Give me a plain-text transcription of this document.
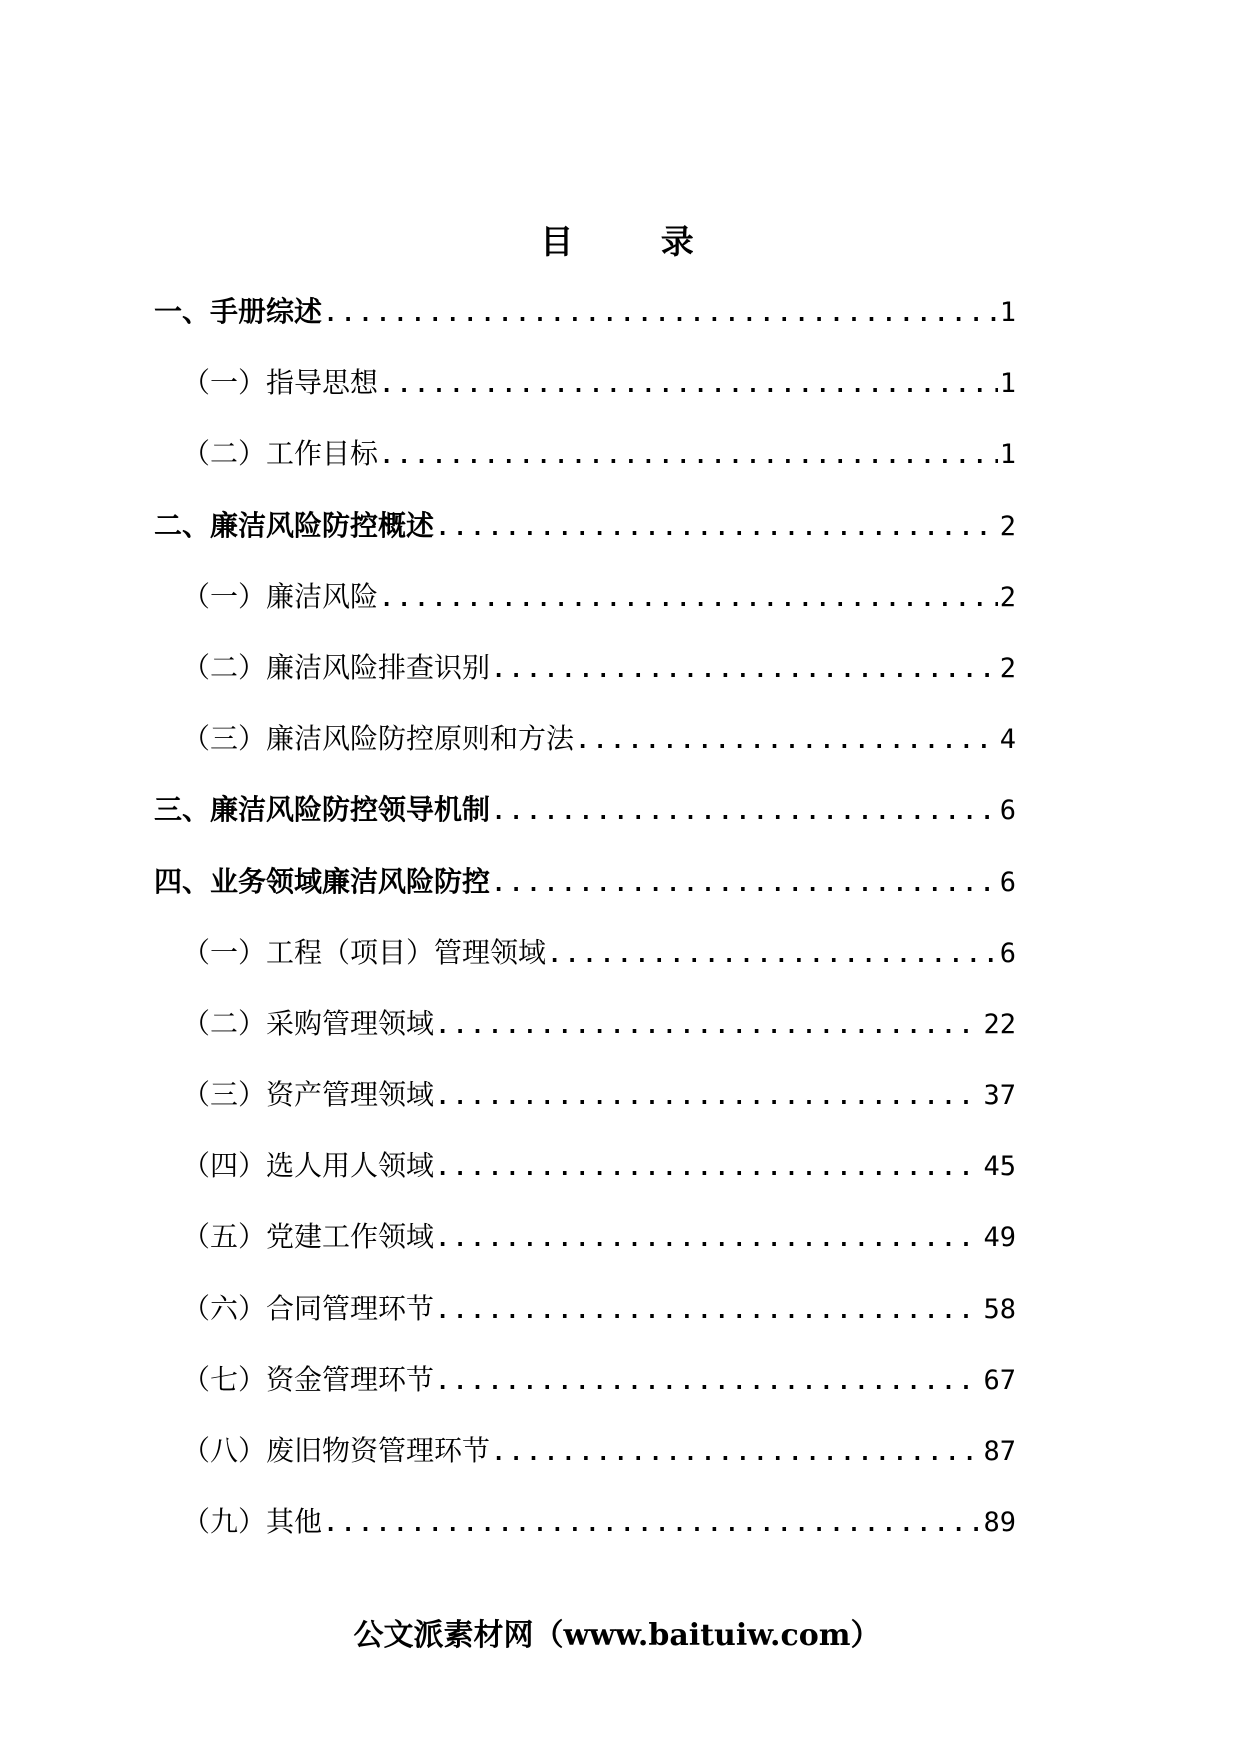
目 录
一、手册综述 .....	1
（一）指导思想 .....	1
（二）工作目标 .....	1
二、廉洁风险防控概述 .....	2
（一）廉洁风险 .....	2
（二）廉洁风险排查识别 .....	2
（三）廉洁风险防控原则和方法 .....	4
三、廉洁风险防控领导机制 .....	6
四、业务领域廉洁风险防控 .....	6
（一）工程（项目）管理领域 .....	6
（二）采购管理领域 .....	22
（三）资产管理领域 .....	37
（四）选人用人领域 .....	45
（五）党建工作领域 .....	49
（六）合同管理环节 .....	58
（七）资金管理环节 .....	67
（八）废旧物资管理环节 .....	87
（九）其他 .....	89
公文派素材网（www.baituiw.com）
